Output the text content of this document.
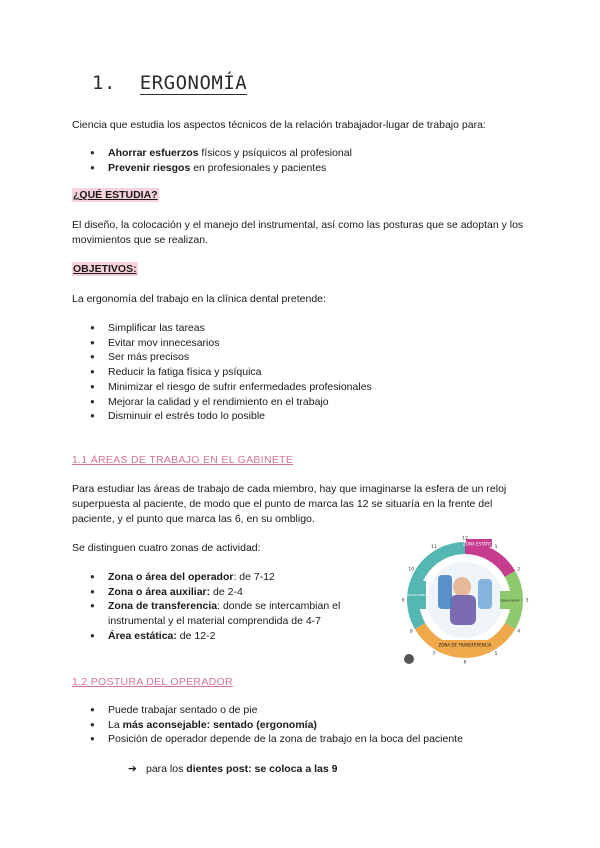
1. ERGONOMÍA

Ciencia que estudia los aspectos técnicos de la relación trabajador-lugar de trabajo para:

● Ahorrar esfuerzos físicos y psíquicos al profesional
● Prevenir riesgos en profesionales y pacientes
¿QUÉ ESTUDIA?

El diseño, la colocación y el manejo del instrumental, así como las posturas que se adoptan y los movimientos que se realizan.

OBJETIVOS:

La ergonomía del trabajo en la clínica dental pretende:

● Simplificar las tareas
● Evitar mov innecesarios
● Ser más precisos
● Reducir la fatiga física y psíquica
● Minimizar el riesgo de sufrir enfermedades profesionales
● Mejorar la calidad y el rendimiento en el trabajo
● Disminuir el estrés todo lo posible
1.1 ÁREAS DE TRABAJO EN EL GABINETE

Para estudiar las áreas de trabajo de cada miembro, hay que imaginarse la esfera de un reloj superpuesta al paciente, de modo que el punto de marca las 12 se situaría en la frente del paciente, y el punto que marca las 6, en su ombligo.

Se distinguen cuatro zonas de actividad:

● Zona o área del operador: de 7-12
● Zona o área auxiliar: de 2-4
● Zona de transferencia: donde se intercambian el instrumental y el material comprendida de 4-7
● Área estática: de 12-2
ZONA ESTÁTICA
ZONA AUXILIAR
ZONA DEL OPERADOR
ZONA DE TRANSFERENCIA
12
1
2
3
4
5
6
7
8
9
10
11
1.2 POSTURA DEL OPERADOR
● Puede trabajar sentado o de pie
● La más aconsejable: sentado (ergonomía)
● Posición de operador depende de la zona de trabajo en la boca del paciente
➔ para los dientes post: se coloca a las 9
